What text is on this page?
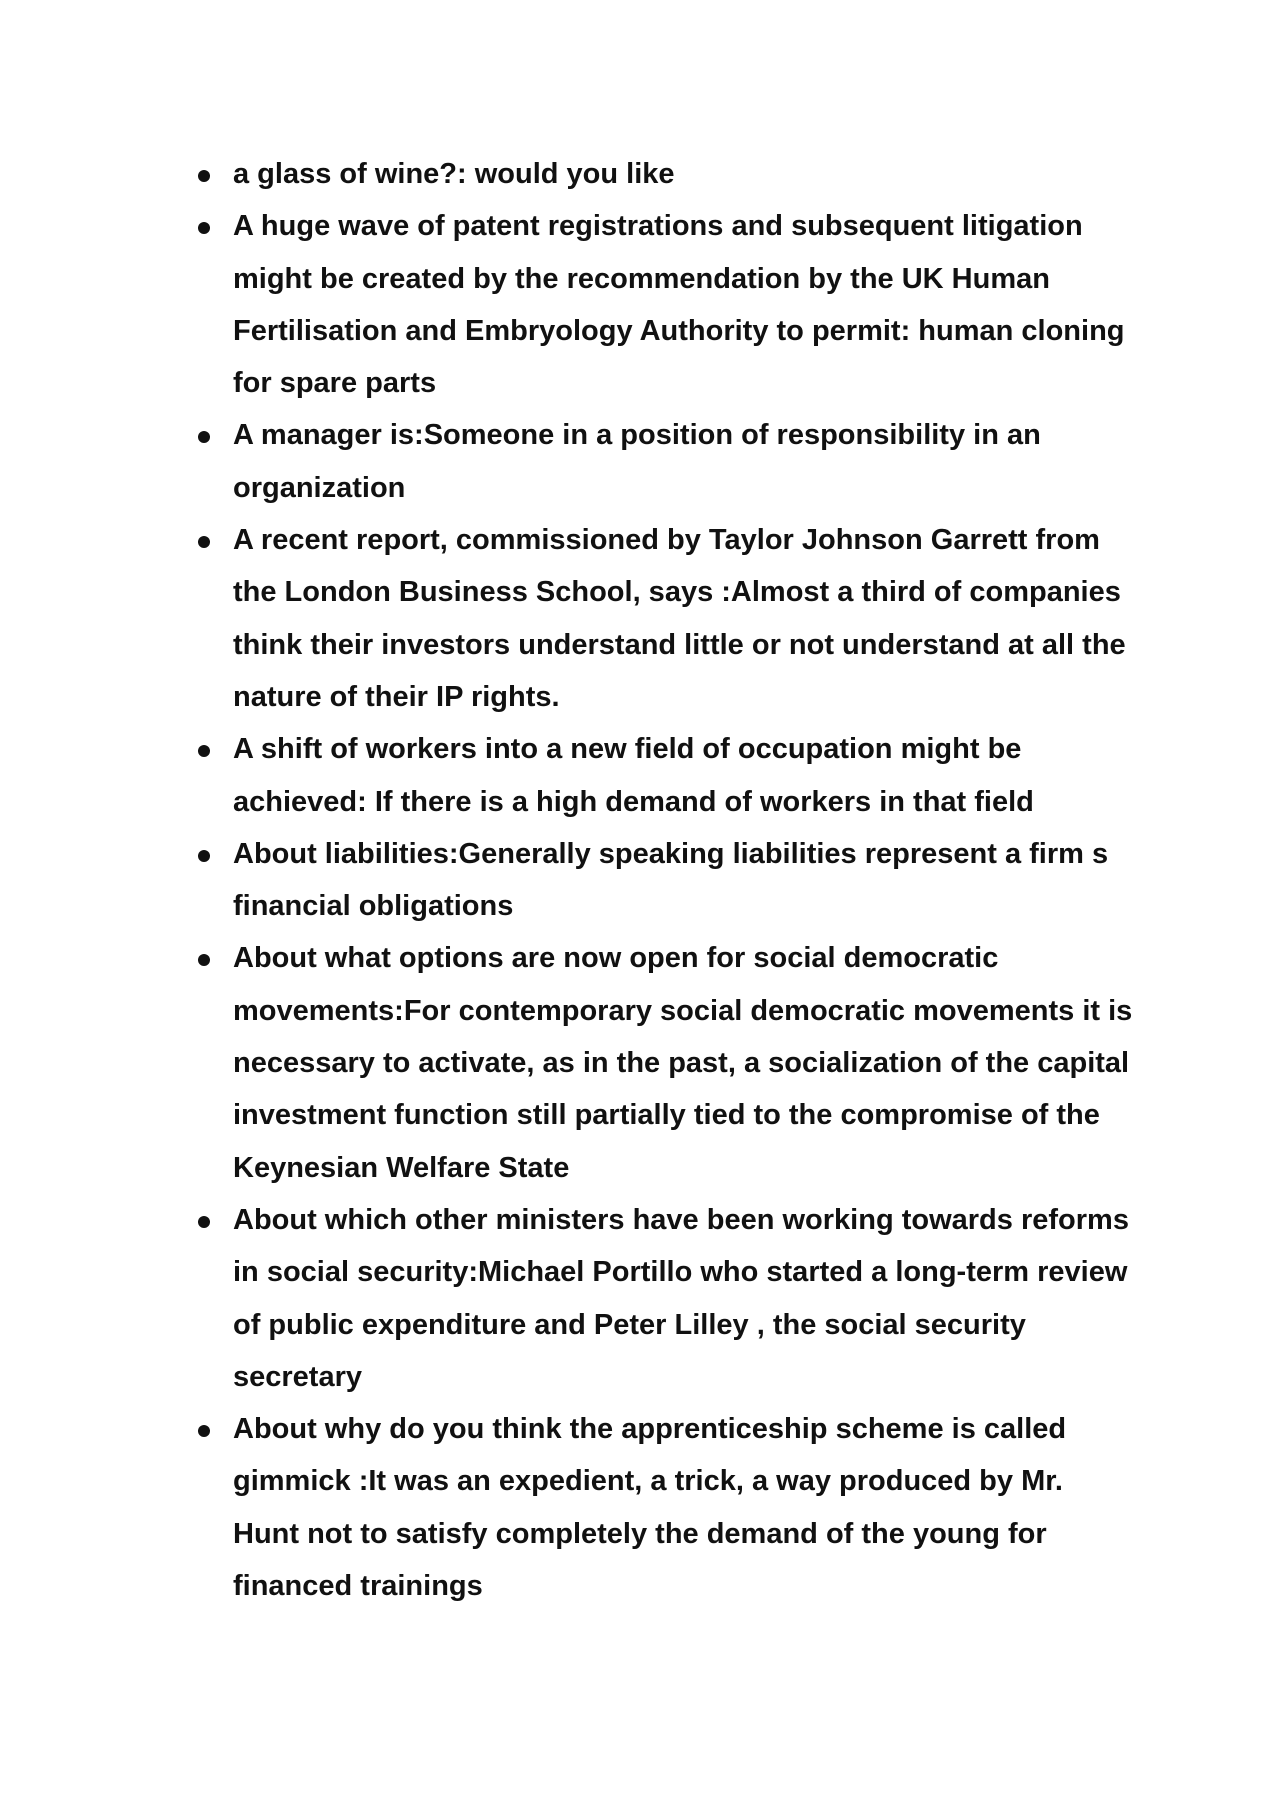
a glass of wine?: would you like
A huge wave of patent registrations and subsequent litigation might be created by the recommendation by the UK Human Fertilisation and Embryology Authority to permit: human cloning for spare parts
A manager is:Someone in a position of responsibility in an organization
A recent report, commissioned by Taylor Johnson Garrett from the London Business School, says :Almost a third of companies think their investors understand little or not understand at all the nature of their IP rights.
A shift of workers into a new field of occupation might be achieved: If there is a high demand of workers in that field
About liabilities:Generally speaking liabilities represent a firm s financial obligations
About what options are now open for social democratic movements:For contemporary social democratic movements it is necessary to activate, as in the past, a socialization of the capital investment function still partially tied to the compromise of the Keynesian Welfare State
About which other ministers have been working towards reforms in social security:Michael Portillo who started a long-term review of public expenditure and Peter Lilley , the social security secretary
About why do you think the apprenticeship scheme is called gimmick :It was an expedient, a trick, a way produced by Mr. Hunt not to satisfy completely the demand of the young for financed trainings
